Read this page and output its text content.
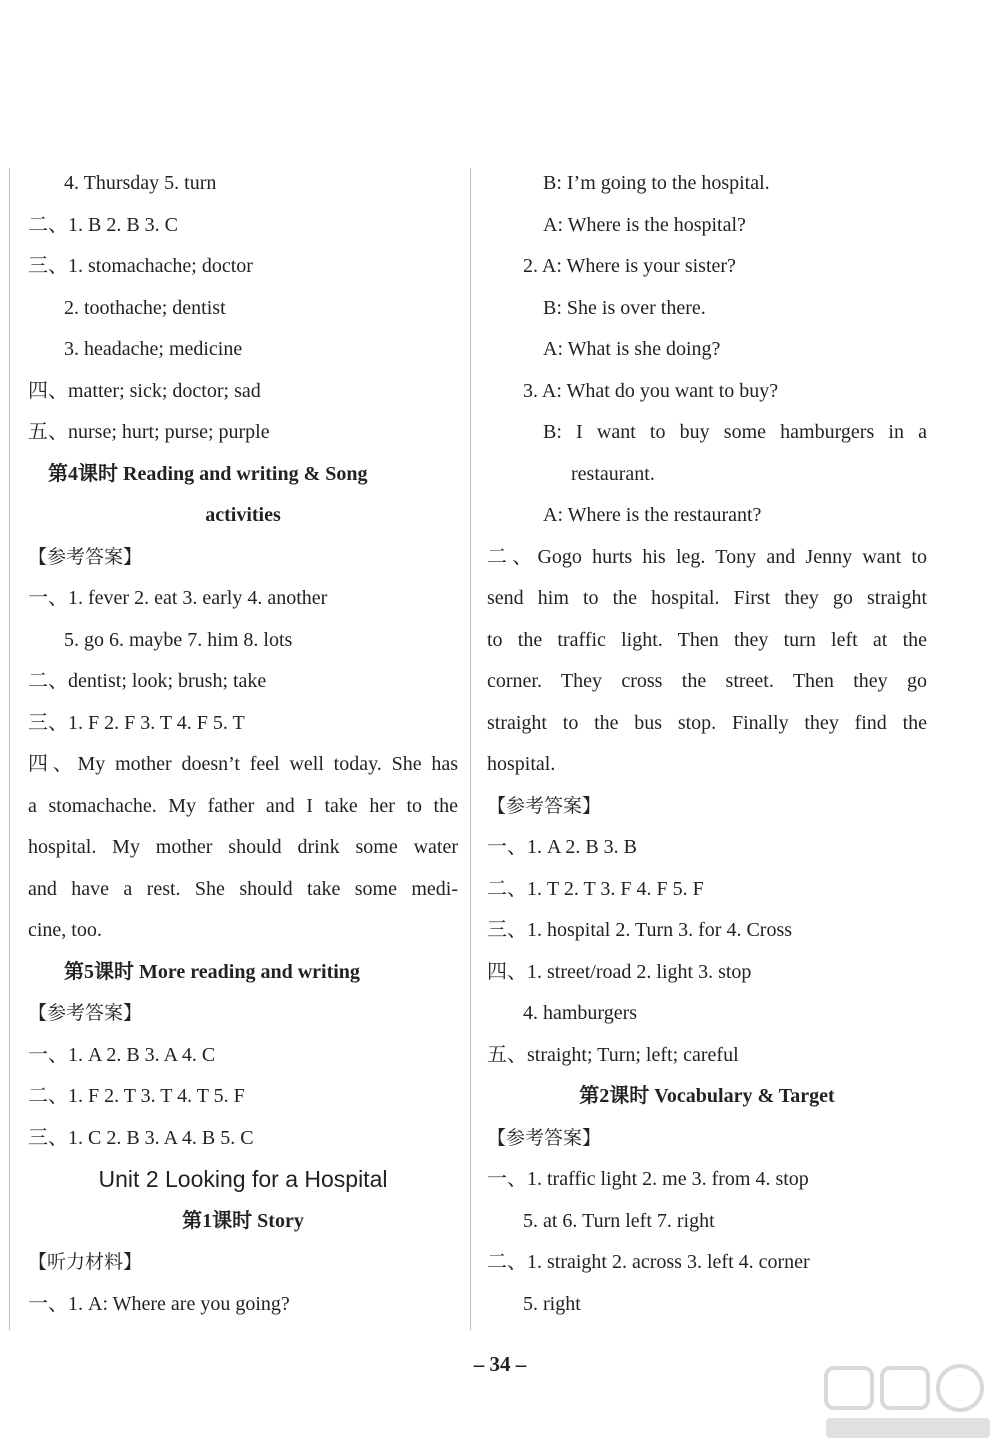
4. Thursday 5. turn
二、1. B 2. B 3. C
三、1. stomachache; doctor
2. toothache; dentist
3. headache; medicine
四、matter; sick; doctor; sad
五、nurse; hurt; purse; purple
第4课时 Reading and writing & Song
activities
【参考答案】
一、1. fever 2. eat 3. early 4. another
5. go 6. maybe 7. him 8. lots
二、dentist; look; brush; take
三、1. F 2. F 3. T 4. F 5. T
四、My mother doesn’t feel well today. She has
a stomachache. My father and I take her to the
hospital. My mother should drink some water
and have a rest. She should take some medi-
cine, too.
第5课时 More reading and writing
【参考答案】
一、1. A 2. B 3. A 4. C
二、1. F 2. T 3. T 4. T 5. F
三、1. C 2. B 3. A 4. B 5. C
Unit 2 Looking for a Hospital
第1课时 Story
【听力材料】
一、1. A: Where are you going?
B: I’m going to the hospital.
A: Where is the hospital?
2. A: Where is your sister?
B: She is over there.
A: What is she doing?
3. A: What do you want to buy?
B: I want to buy some hamburgers in a
restaurant.
A: Where is the restaurant?
二、Gogo hurts his leg. Tony and Jenny want to
send him to the hospital. First they go straight
to the traffic light. Then they turn left at the
corner. They cross the street. Then they go
straight to the bus stop. Finally they find the
hospital.
【参考答案】
一、1. A 2. B 3. B
二、1. T 2. T 3. F 4. F 5. F
三、1. hospital 2. Turn 3. for 4. Cross
四、1. street/road 2. light 3. stop
4. hamburgers
五、straight; Turn; left; careful
第2课时 Vocabulary & Target
【参考答案】
一、1. traffic light 2. me 3. from 4. stop
5. at 6. Turn left 7. right
二、1. straight 2. across 3. left 4. corner
5. right
– 34 –
